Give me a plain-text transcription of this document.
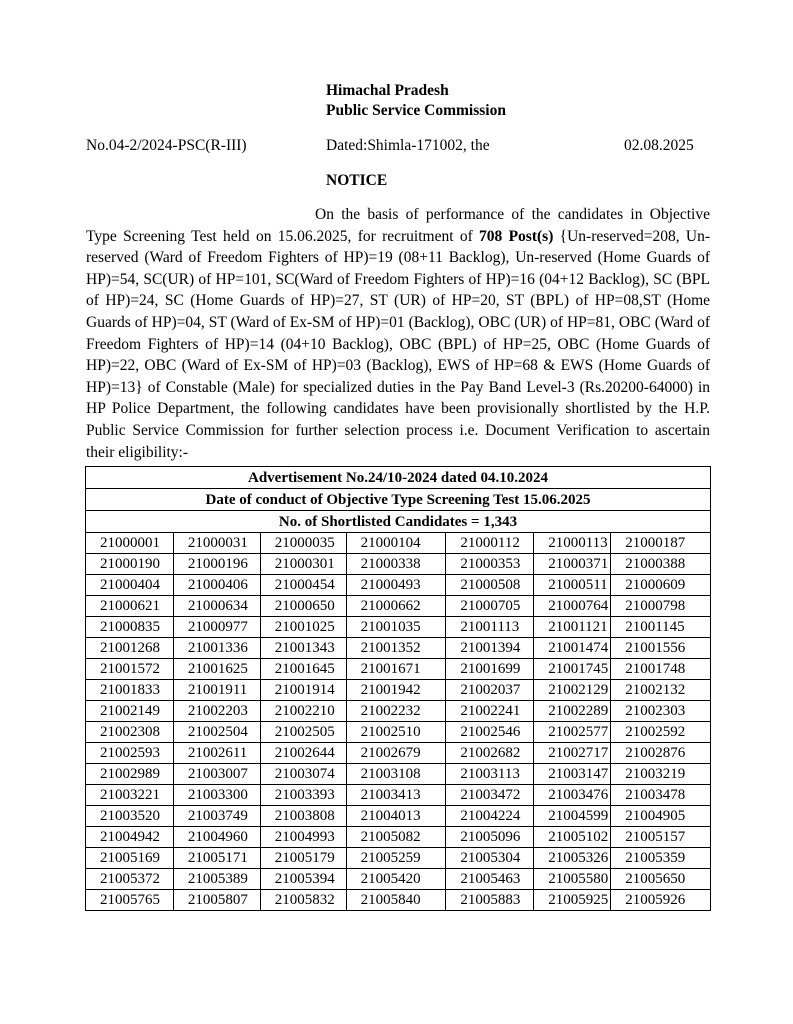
Himachal Pradesh
Public Service Commission
No.04-2/2024-PSC(R-III)	Dated:Shimla-171002, the	02.08.2025
NOTICE
On the basis of performance of the candidates in Objective Type Screening Test held on 15.06.2025, for recruitment of 708 Post(s) {Un-reserved=208, Un-reserved (Ward of Freedom Fighters of HP)=19 (08+11 Backlog), Un-reserved (Home Guards of HP)=54, SC(UR) of HP=101, SC(Ward of Freedom Fighters of HP)=16 (04+12 Backlog), SC (BPL of HP)=24, SC (Home Guards of HP)=27, ST (UR) of HP=20, ST (BPL) of HP=08,ST (Home Guards of HP)=04, ST (Ward of Ex-SM of HP)=01 (Backlog), OBC (UR) of HP=81, OBC (Ward of Freedom Fighters of HP)=14 (04+10 Backlog), OBC (BPL) of HP=25, OBC (Home Guards of HP)=22, OBC (Ward of Ex-SM of HP)=03 (Backlog), EWS of HP=68 & EWS (Home Guards of HP)=13} of Constable (Male) for specialized duties in the Pay Band Level-3 (Rs.20200-64000) in HP Police Department, the following candidates have been provisionally shortlisted by the H.P. Public Service Commission for further selection process i.e. Document Verification to ascertain their eligibility:-
Advertisement No.24/10-2024 dated 04.10.2024						
Date of conduct of Objective Type Screening Test 15.06.2025						
No. of Shortlisted Candidates = 1,343						
21000001	21000031	21000035	21000104	21000112	21000113	21000187
21000190	21000196	21000301	21000338	21000353	21000371	21000388
21000404	21000406	21000454	21000493	21000508	21000511	21000609
21000621	21000634	21000650	21000662	21000705	21000764	21000798
21000835	21000977	21001025	21001035	21001113	21001121	21001145
21001268	21001336	21001343	21001352	21001394	21001474	21001556
21001572	21001625	21001645	21001671	21001699	21001745	21001748
21001833	21001911	21001914	21001942	21002037	21002129	21002132
21002149	21002203	21002210	21002232	21002241	21002289	21002303
21002308	21002504	21002505	21002510	21002546	21002577	21002592
21002593	21002611	21002644	21002679	21002682	21002717	21002876
21002989	21003007	21003074	21003108	21003113	21003147	21003219
21003221	21003300	21003393	21003413	21003472	21003476	21003478
21003520	21003749	21003808	21004013	21004224	21004599	21004905
21004942	21004960	21004993	21005082	21005096	21005102	21005157
21005169	21005171	21005179	21005259	21005304	21005326	21005359
21005372	21005389	21005394	21005420	21005463	21005580	21005650
21005765	21005807	21005832	21005840	21005883	21005925	21005926
